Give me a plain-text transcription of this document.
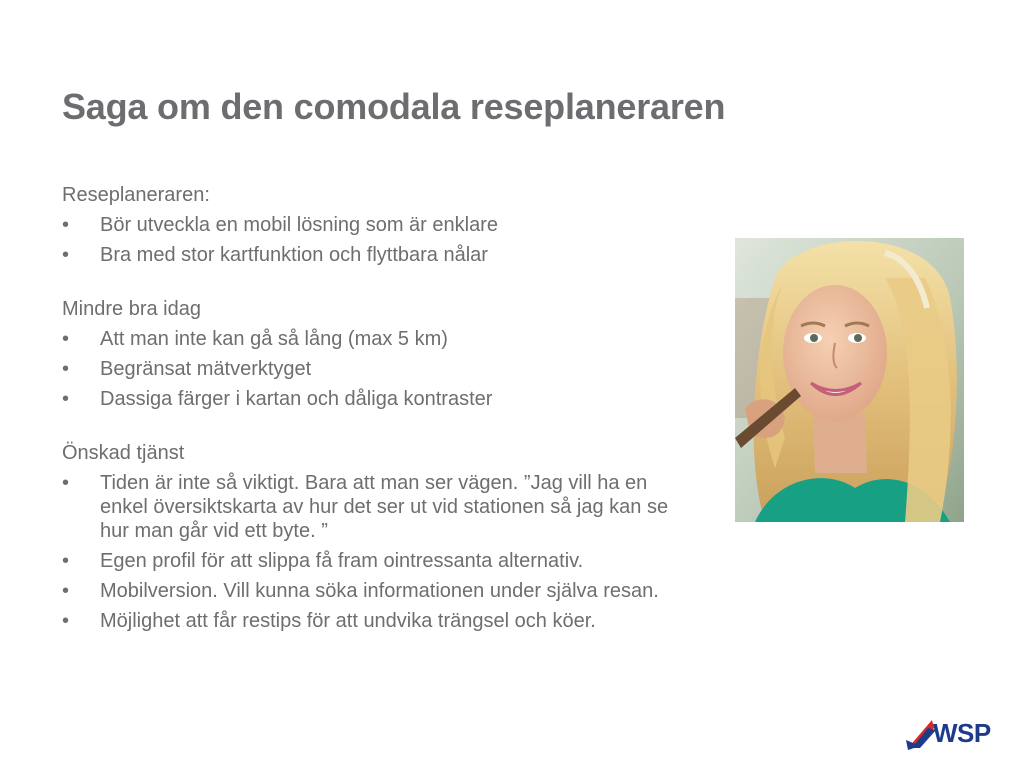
Saga om den comodala reseplaneraren

Reseplaneraren:

• Bör utveckla en mobil lösning som är enklare
• Bra med stor kartfunktion och flyttbara nålar

Mindre bra idag

• Att man inte kan gå så lång (max 5 km)
• Begränsat mätverktyget
• Dassiga färger i kartan och dåliga kontraster

Önskad tjänst

• Tiden är inte så viktigt. Bara att man ser vägen. ”Jag vill ha en enkel översiktskarta av hur det ser ut vid stationen så jag kan se hur man går vid ett byte. ”
• Egen profil för att slippa få fram ointressanta alternativ.
• Mobilversion. Vill kunna söka informationen under själva resan.
• Möjlighet att får restips för att undvika trängsel och köer.
WSP
